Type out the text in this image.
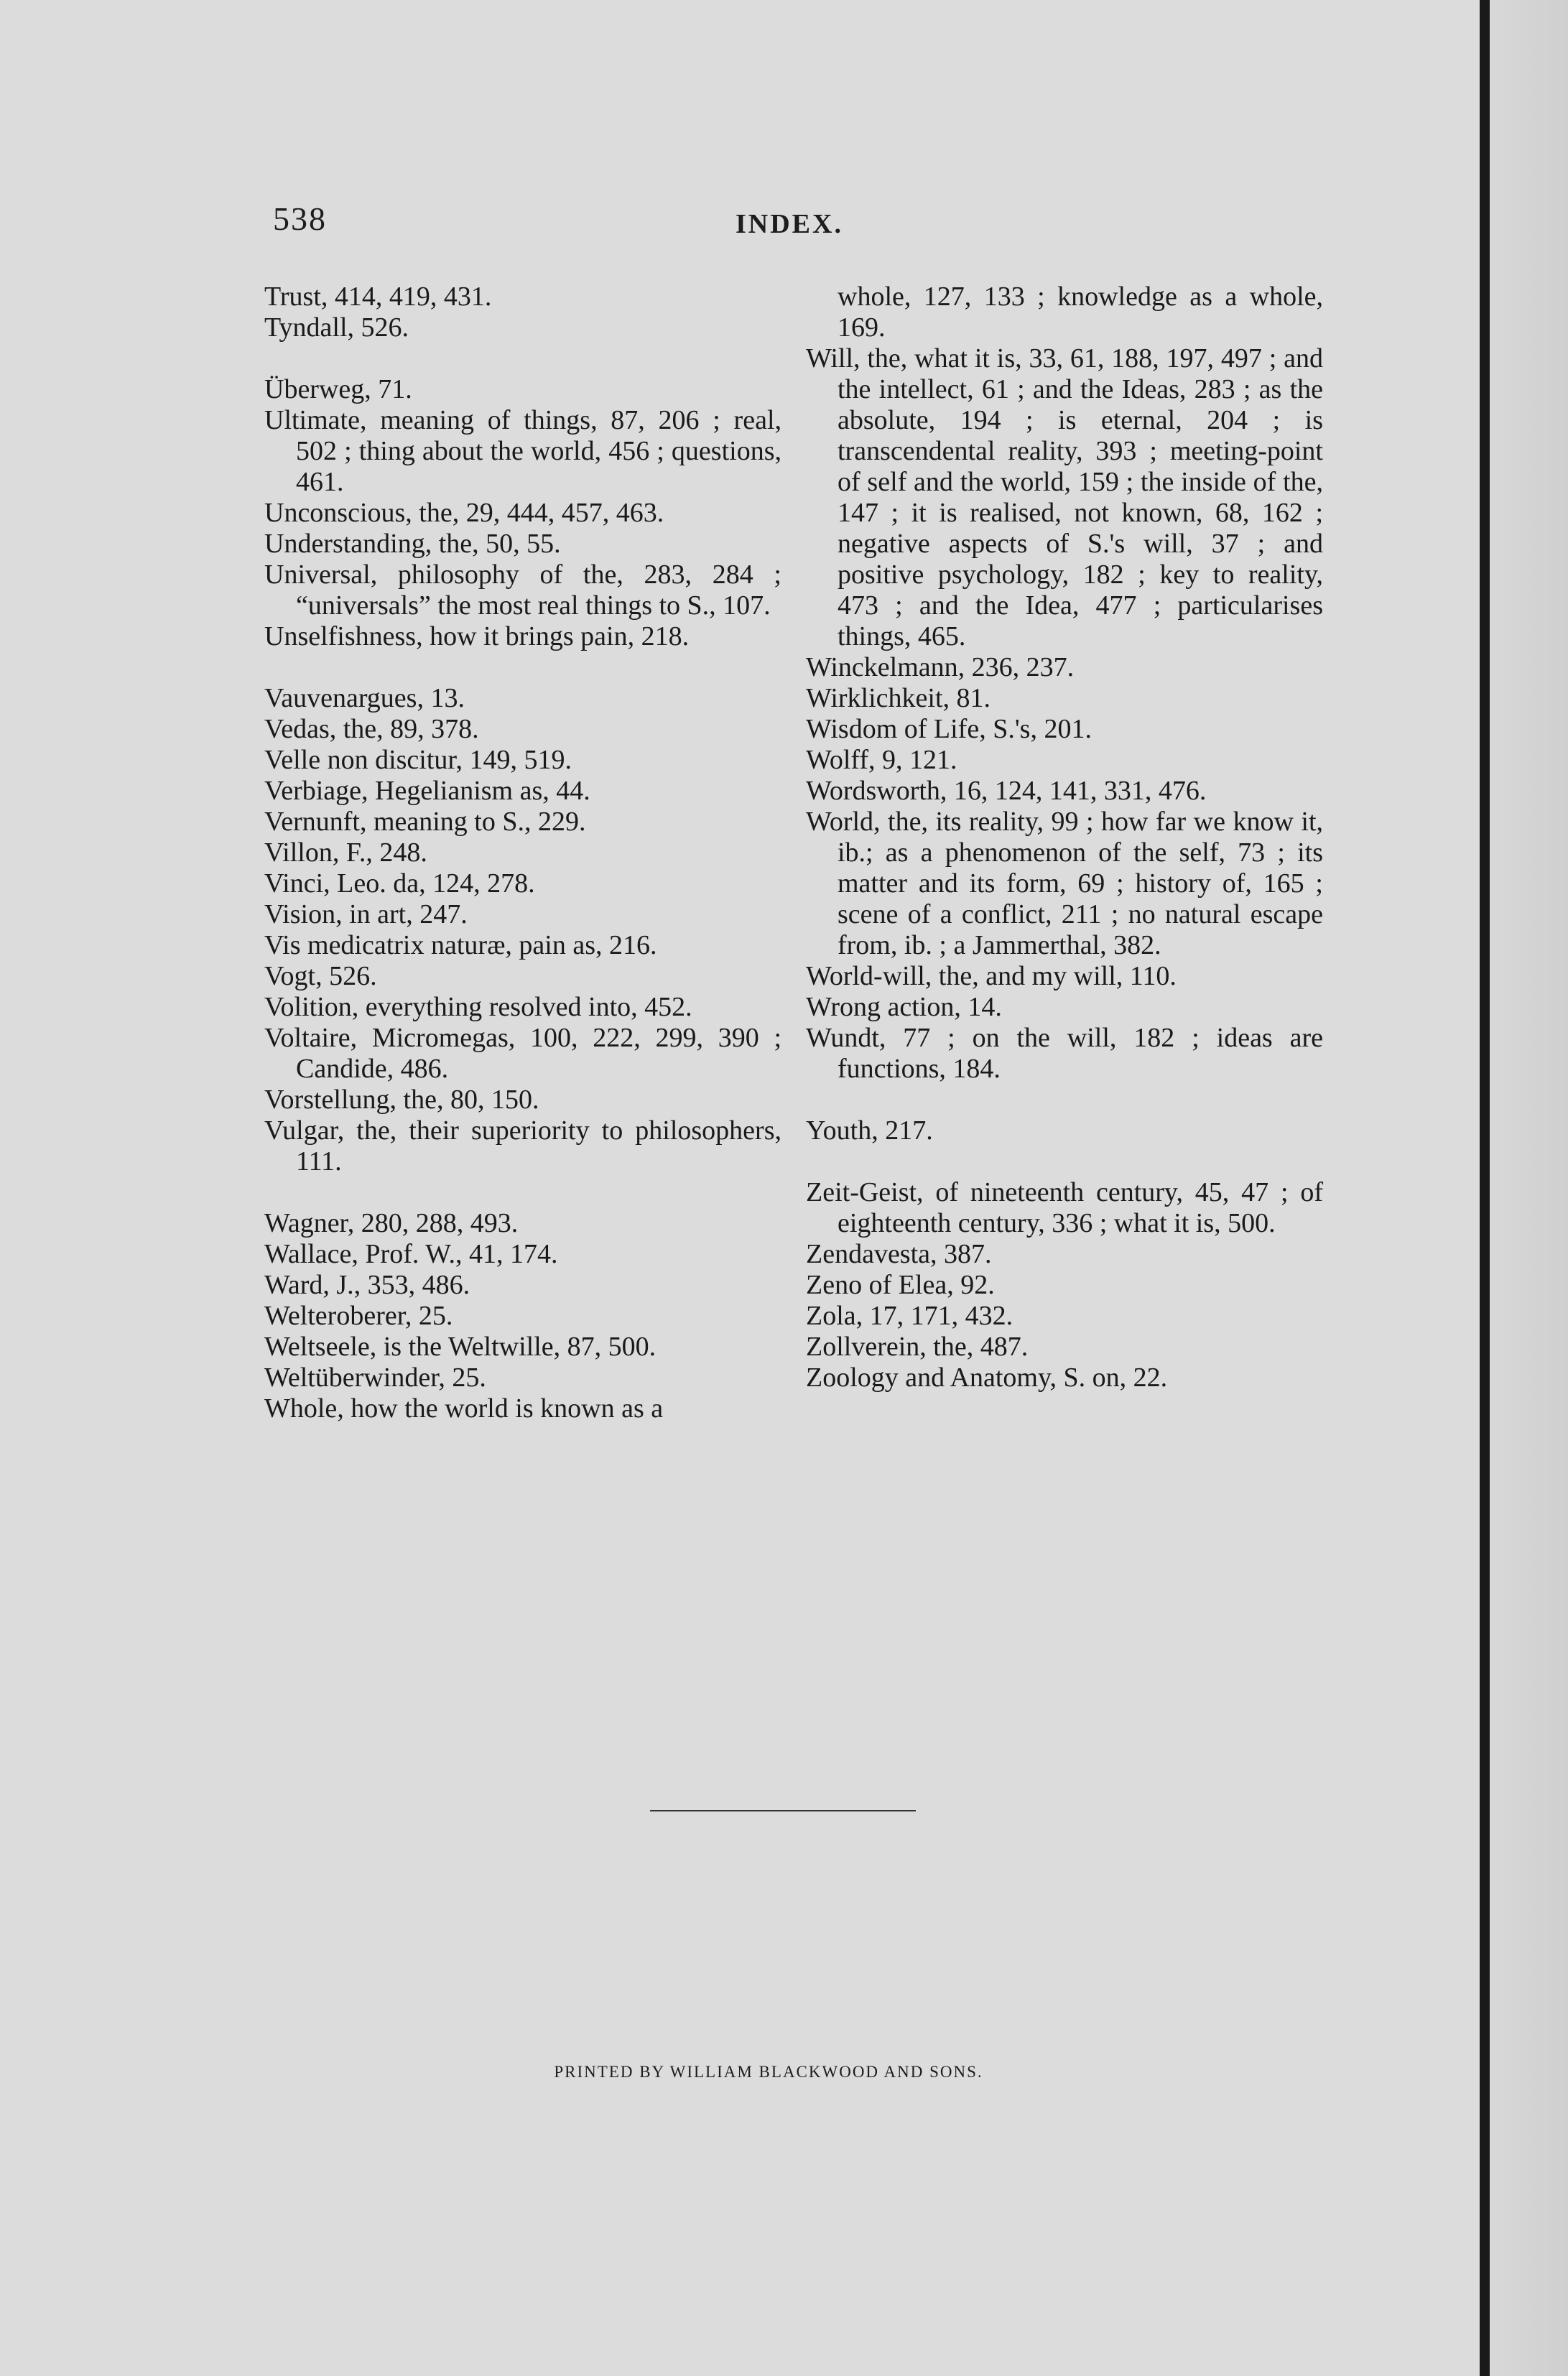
538	INDEX.

Trust, 414, 419, 431.

Tyndall, 526.

Überweg, 71.

Ultimate, meaning of things, 87, 206 ; real, 502 ; thing about the world, 456 ; questions, 461.

Unconscious, the, 29, 444, 457, 463.

Understanding, the, 50, 55.

Universal, philosophy of the, 283, 284 ; “universals” the most real things to S., 107.

Unselfishness, how it brings pain, 218.

Vauvenargues, 13.

Vedas, the, 89, 378.

Velle non discitur, 149, 519.

Verbiage, Hegelianism as, 44.

Vernunft, meaning to S., 229.

Villon, F., 248.

Vinci, Leo. da, 124, 278.

Vision, in art, 247.

Vis medicatrix naturæ, pain as, 216.

Vogt, 526.

Volition, everything resolved into, 452.

Voltaire, Micromegas, 100, 222, 299, 390 ; Candide, 486.

Vorstellung, the, 80, 150.

Vulgar, the, their superiority to philosophers, 111.

Wagner, 280, 288, 493.

Wallace, Prof. W., 41, 174.

Ward, J., 353, 486.

Welteroberer, 25.

Weltseele, is the Weltwille, 87, 500.

Weltüberwinder, 25.

Whole, how the world is known as a

whole, 127, 133 ; knowledge as a whole, 169.

Will, the, what it is, 33, 61, 188, 197, 497 ; and the intellect, 61 ; and the Ideas, 283 ; as the absolute, 194 ; is eternal, 204 ; is transcendental reality, 393 ; meeting-point of self and the world, 159 ; the inside of the, 147 ; it is realised, not known, 68, 162 ; negative aspects of S.'s will, 37 ; and positive psychology, 182 ; key to reality, 473 ; and the Idea, 477 ; particularises things, 465.

Winckelmann, 236, 237.

Wirklichkeit, 81.

Wisdom of Life, S.'s, 201.

Wolff, 9, 121.

Wordsworth, 16, 124, 141, 331, 476.

World, the, its reality, 99 ; how far we know it, ib.; as a phenomenon of the self, 73 ; its matter and its form, 69 ; history of, 165 ; scene of a conflict, 211 ; no natural escape from, ib. ; a Jammerthal, 382.

World-will, the, and my will, 110.

Wrong action, 14.

Wundt, 77 ; on the will, 182 ; ideas are functions, 184.

Youth, 217.

Zeit-Geist, of nineteenth century, 45, 47 ; of eighteenth century, 336 ; what it is, 500.

Zendavesta, 387.

Zeno of Elea, 92.

Zola, 17, 171, 432.

Zollverein, the, 487.

Zoology and Anatomy, S. on, 22.

PRINTED BY WILLIAM BLACKWOOD AND SONS.
